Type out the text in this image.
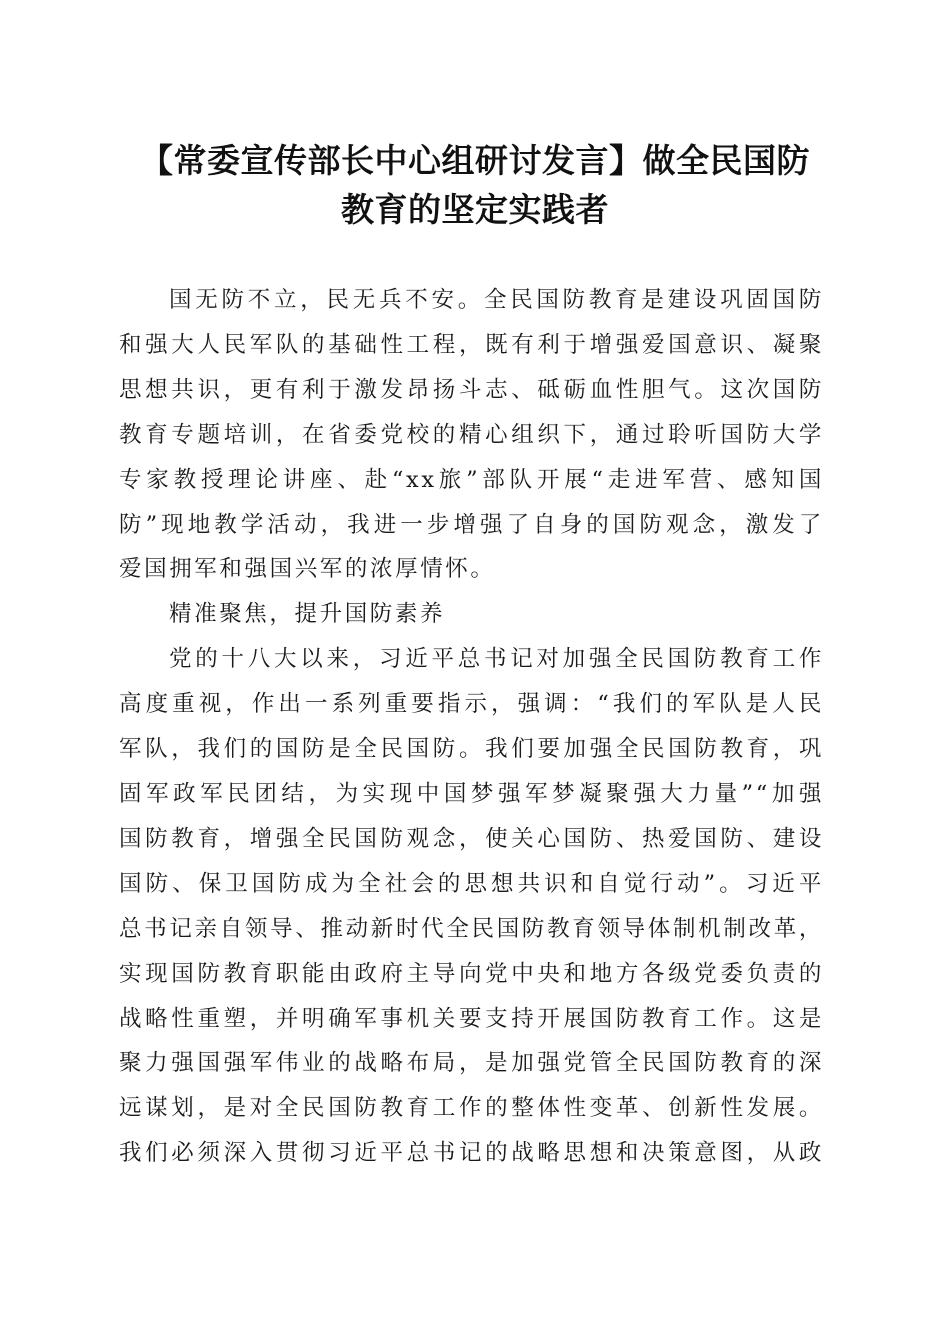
【常委宣传部长中心组研讨发言】做全民国防
教育的坚定实践者
国无防不立，民无兵不安。全民国防教育是建设巩固国防
和强大人民军队的基础性工程，既有利于增强爱国意识、凝聚
思想共识，更有利于激发昂扬斗志、砥砺血性胆气。这次国防
教育专题培训，在省委党校的精心组织下，通过聆听国防大学
专家教授理论讲座、赴“xx旅”部队开展“走进军营、感知国
防”现地教学活动，我进一步增强了自身的国防观念，激发了
爱国拥军和强国兴军的浓厚情怀。
精准聚焦，提升国防素养
党的十八大以来，习近平总书记对加强全民国防教育工作
高度重视，作出一系列重要指示，强调：“我们的军队是人民
军队，我们的国防是全民国防。我们要加强全民国防教育，巩
固军政军民团结，为实现中国梦强军梦凝聚强大力量”“加强
国防教育，增强全民国防观念，使关心国防、热爱国防、建设
国防、保卫国防成为全社会的思想共识和自觉行动”。习近平
总书记亲自领导、推动新时代全民国防教育领导体制机制改革，
实现国防教育职能由政府主导向党中央和地方各级党委负责的
战略性重塑，并明确军事机关要支持开展国防教育工作。这是
聚力强国强军伟业的战略布局，是加强党管全民国防教育的深
远谋划，是对全民国防教育工作的整体性变革、创新性发展。
我们必须深入贯彻习近平总书记的战略思想和决策意图，从政
